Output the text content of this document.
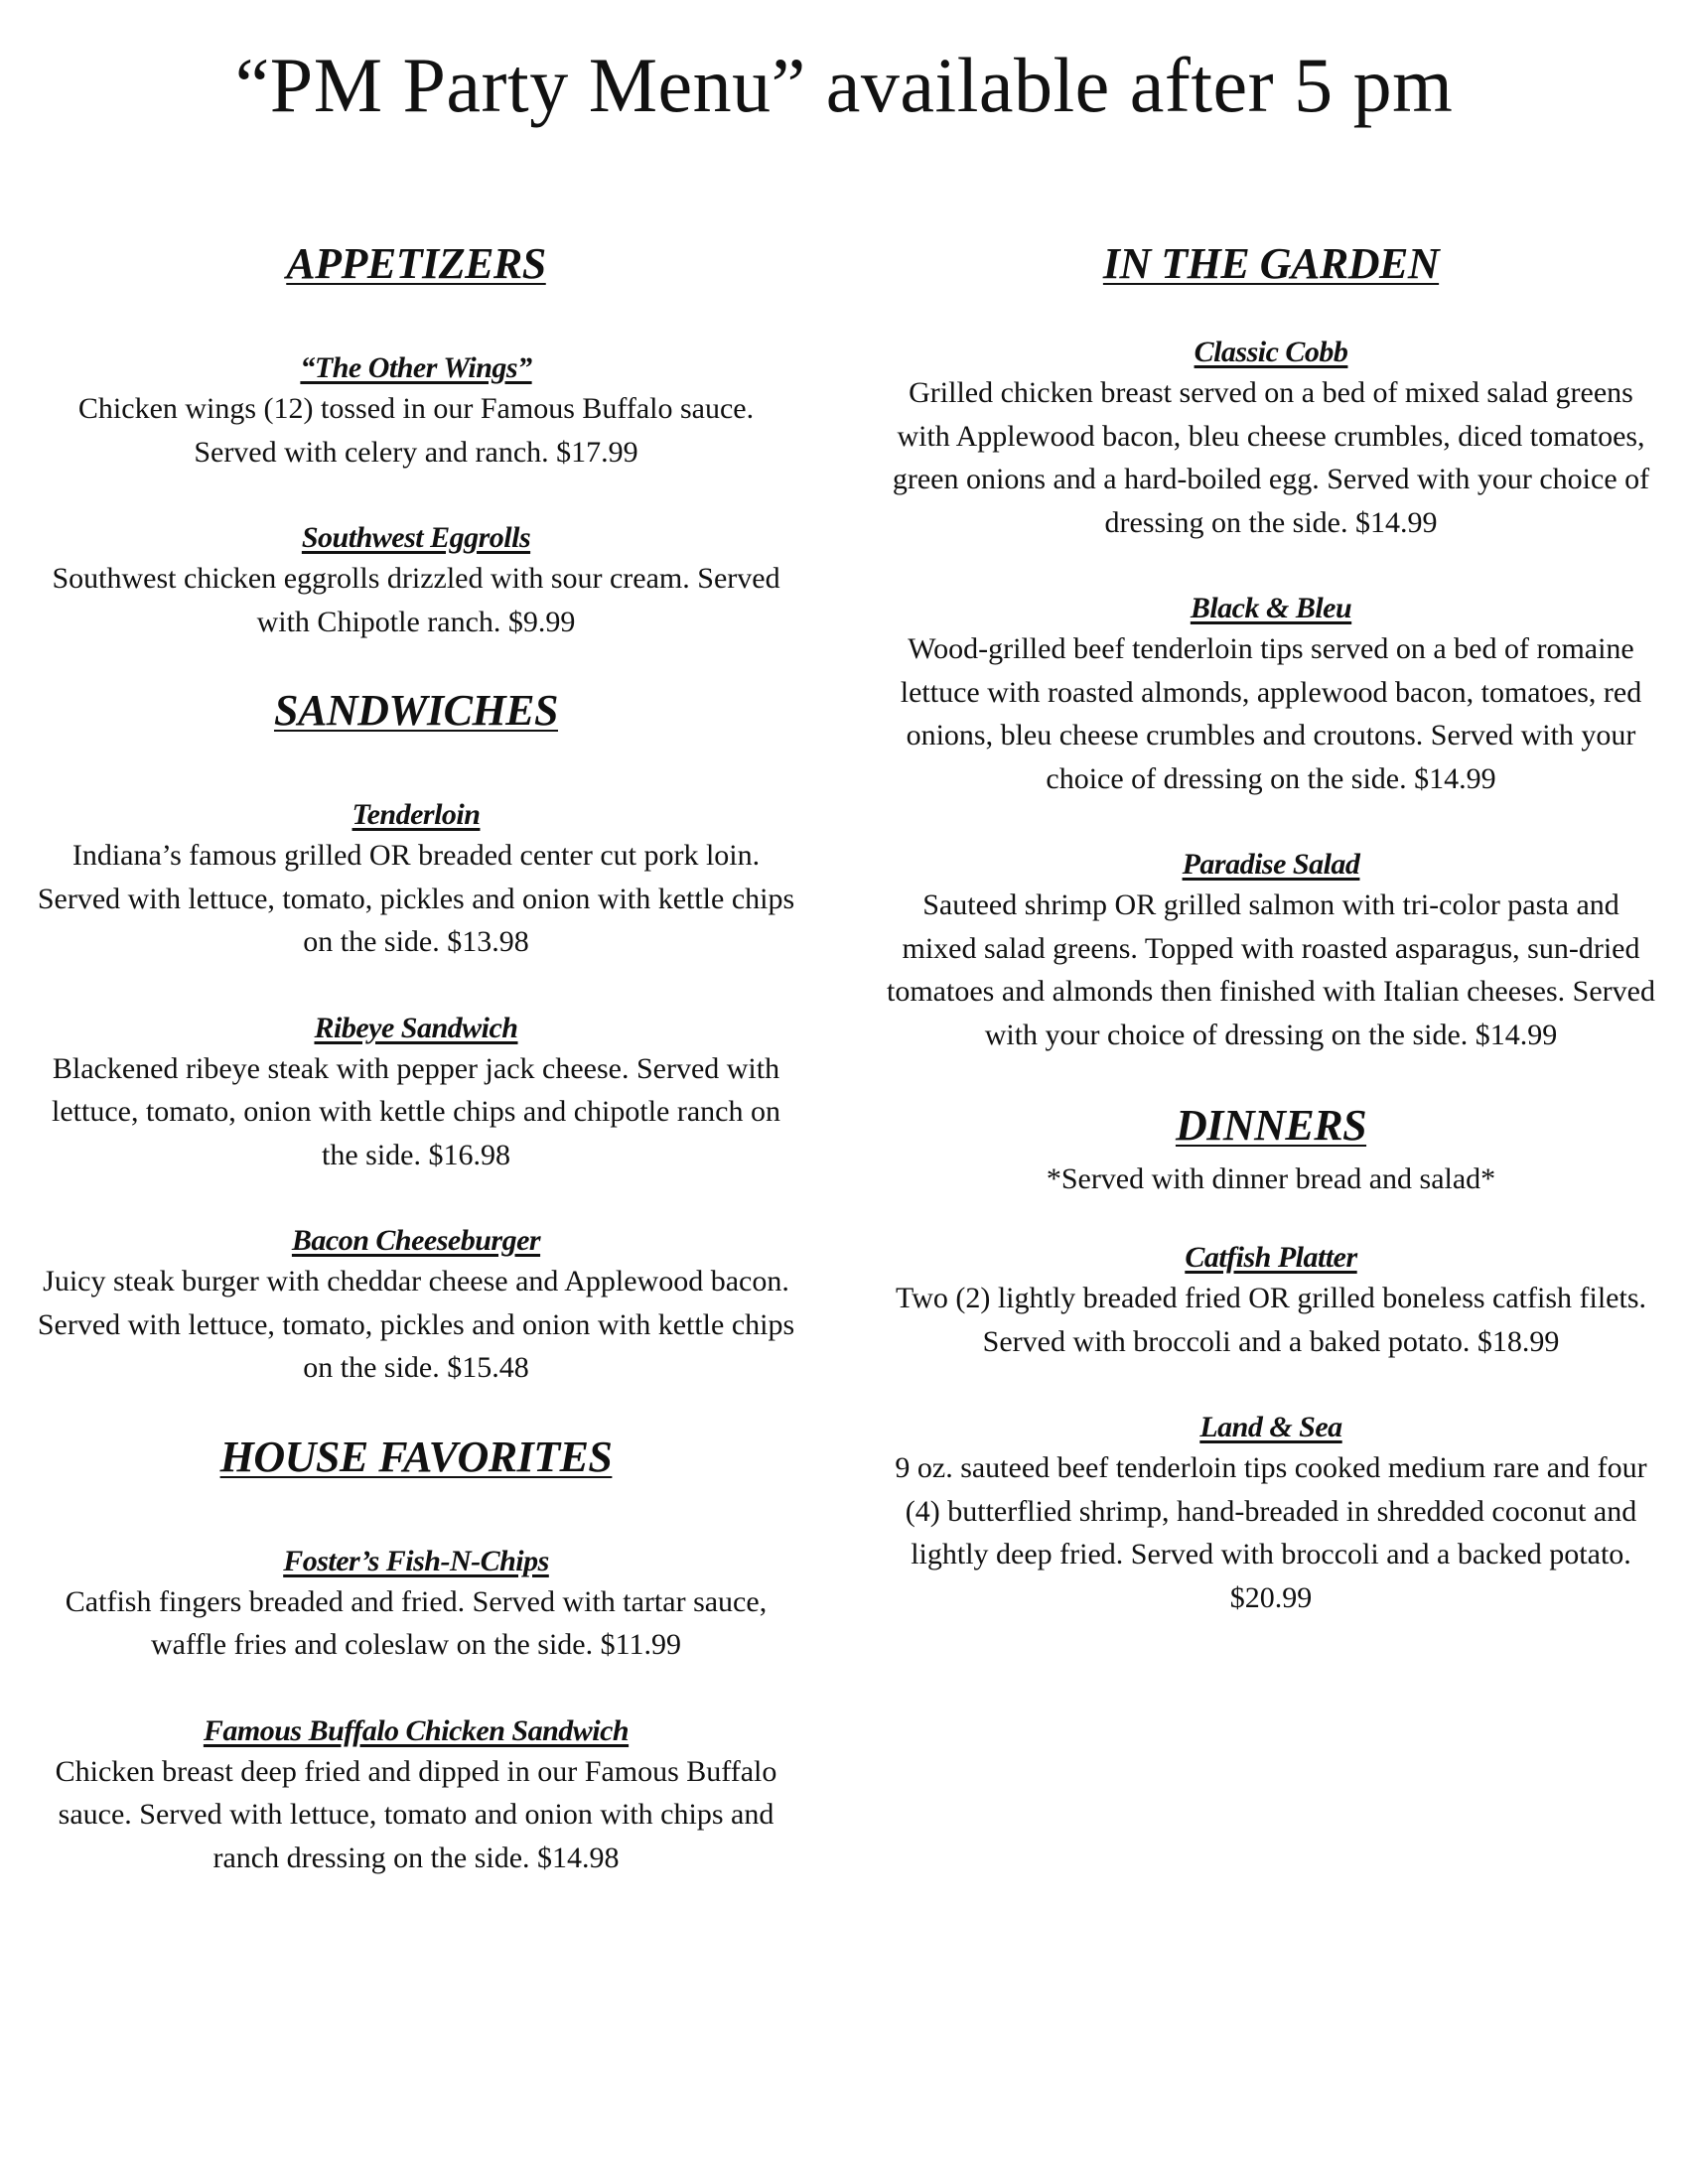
“PM Party Menu” available after 5 pm
APPETIZERS

“The Other Wings”

Chicken wings (12) tossed in our Famous Buffalo sauce. Served with celery and ranch. $17.99

Southwest Eggrolls

Southwest chicken eggrolls drizzled with sour cream. Served with Chipotle ranch. $9.99

SANDWICHES

Tenderloin

Indiana’s famous grilled OR breaded center cut pork loin. Served with lettuce, tomato, pickles and onion with kettle chips on the side. $13.98

Ribeye Sandwich

Blackened ribeye steak with pepper jack cheese. Served with lettuce, tomato, onion with kettle chips and chipotle ranch on the side. $16.98

Bacon Cheeseburger

Juicy steak burger with cheddar cheese and Applewood bacon. Served with lettuce, tomato, pickles and onion with kettle chips on the side. $15.48

HOUSE FAVORITES

Foster’s Fish-N-Chips

Catfish fingers breaded and fried. Served with tartar sauce, waffle fries and coleslaw on the side. $11.99

Famous Buffalo Chicken Sandwich

Chicken breast deep fried and dipped in our Famous Buffalo sauce. Served with lettuce, tomato and onion with chips and ranch dressing on the side. $14.98

IN THE GARDEN

Classic Cobb

Grilled chicken breast served on a bed of mixed salad greens with Applewood bacon, bleu cheese crumbles, diced tomatoes, green onions and a hard-boiled egg. Served with your choice of dressing on the side. $14.99

Black & Bleu

Wood-grilled beef tenderloin tips served on a bed of romaine lettuce with roasted almonds, applewood bacon, tomatoes, red onions, bleu cheese crumbles and croutons. Served with your choice of dressing on the side. $14.99

Paradise Salad

Sauteed shrimp OR grilled salmon with tri-color pasta and mixed salad greens. Topped with roasted asparagus, sun-dried tomatoes and almonds then finished with Italian cheeses. Served with your choice of dressing on the side. $14.99

DINNERS

*Served with dinner bread and salad*

Catfish Platter

Two (2) lightly breaded fried OR grilled boneless catfish filets. Served with broccoli and a baked potato. $18.99

Land & Sea

9 oz. sauteed beef tenderloin tips cooked medium rare and four (4) butterflied shrimp, hand-breaded in shredded coconut and lightly deep fried. Served with broccoli and a backed potato. $20.99
